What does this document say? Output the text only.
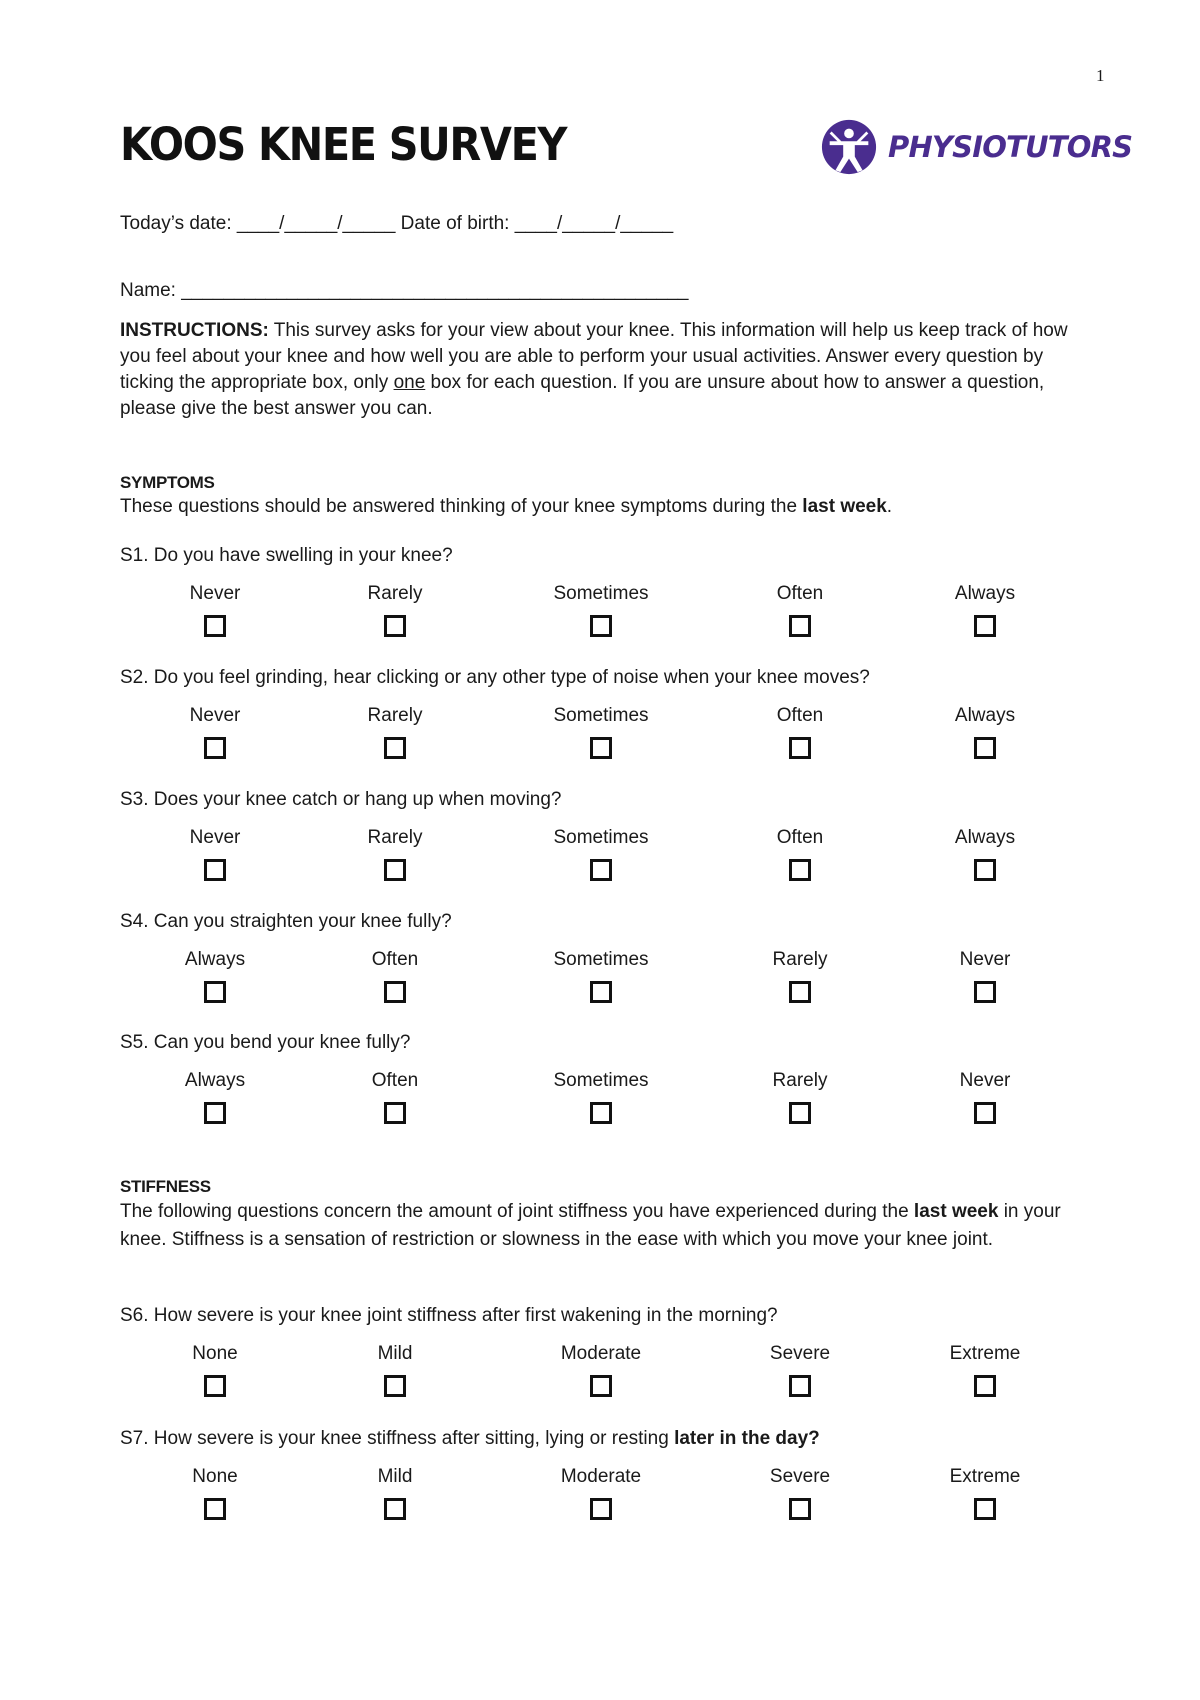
1
KOOS KNEE SURVEY	PHYSIOTUTORS
Today’s date: ____/_____/_____ Date of birth: ____/_____/_____
Name: ________________________________________________

INSTRUCTIONS: This survey asks for your view about your knee. This information will help us keep track of how you feel about your knee and how well you are able to perform your usual activities. Answer every question by ticking the appropriate box, only one box for each question. If you are unsure about how to answer a question, please give the best answer you can.

SYMPTOMS

These questions should be answered thinking of your knee symptoms during the last week.

STIFFNESS

The following questions concern the amount of joint stiffness you have experienced during the last week in your knee. Stiffness is a sensation of restriction or slowness in the ease with which you move your knee joint.

S1. Do you have swelling in your knee?
Never	Rarely	Sometimes	Often	Always
S2. Do you feel grinding, hear clicking or any other type of noise when your knee moves?
Never	Rarely	Sometimes	Often	Always
S3. Does your knee catch or hang up when moving?
Never	Rarely	Sometimes	Often	Always
S4. Can you straighten your knee fully?
Always	Often	Sometimes	Rarely	Never
S5. Can you bend your knee fully?
Always	Often	Sometimes	Rarely	Never
S6. How severe is your knee joint stiffness after first wakening in the morning?
None	Mild	Moderate	Severe	Extreme
S7. How severe is your knee stiffness after sitting, lying or resting later in the day?
None	Mild	Moderate	Severe	Extreme
